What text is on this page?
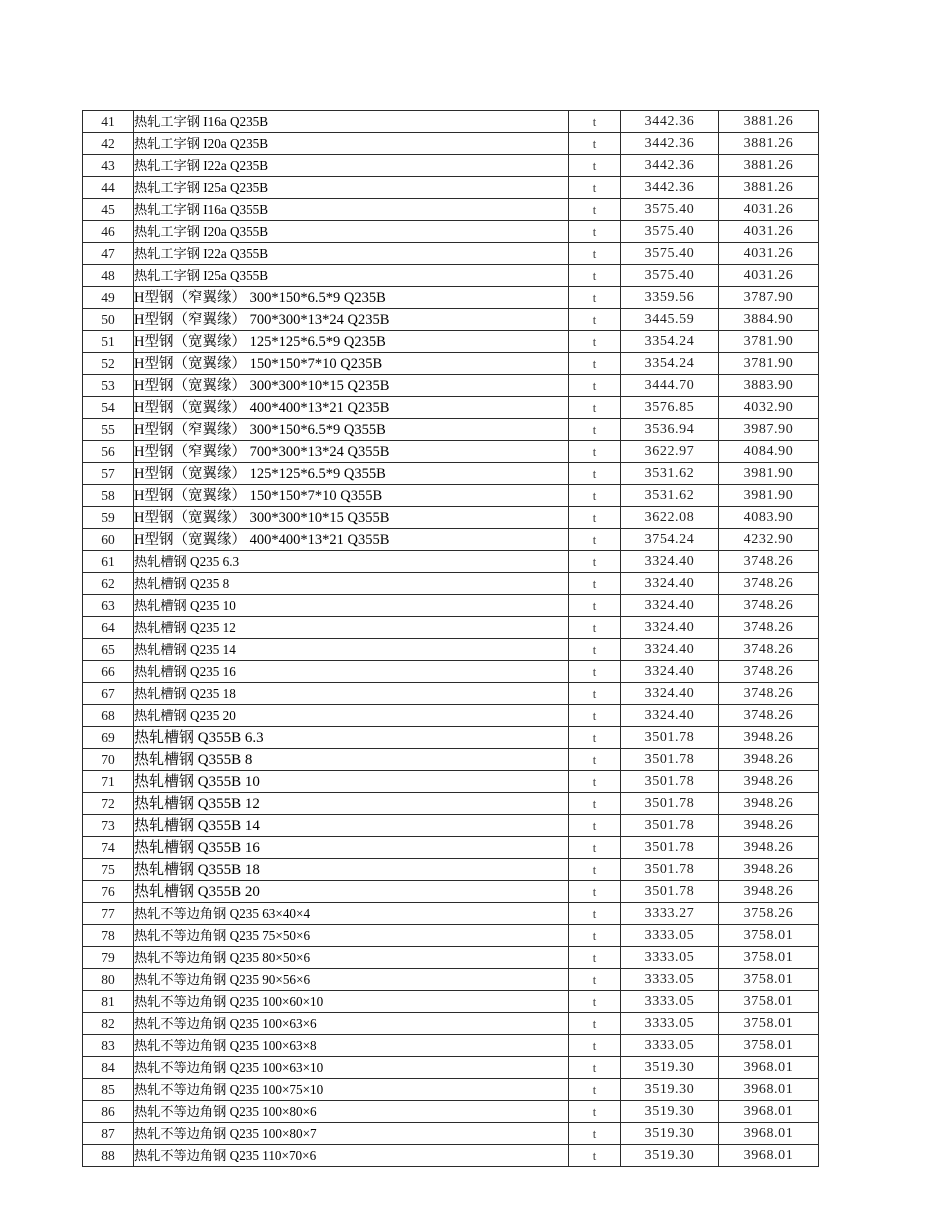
41	热轧工字钢 I16a Q235B	t	3442.36	3881.26
42	热轧工字钢 I20a Q235B	t	3442.36	3881.26
43	热轧工字钢 I22a Q235B	t	3442.36	3881.26
44	热轧工字钢 I25a Q235B	t	3442.36	3881.26
45	热轧工字钢 I16a Q355B	t	3575.40	4031.26
46	热轧工字钢 I20a Q355B	t	3575.40	4031.26
47	热轧工字钢 I22a Q355B	t	3575.40	4031.26
48	热轧工字钢 I25a Q355B	t	3575.40	4031.26
49	H型钢（窄翼缘） 300*150*6.5*9 Q235B	t	3359.56	3787.90
50	H型钢（窄翼缘） 700*300*13*24 Q235B	t	3445.59	3884.90
51	H型钢（宽翼缘） 125*125*6.5*9 Q235B	t	3354.24	3781.90
52	H型钢（宽翼缘） 150*150*7*10 Q235B	t	3354.24	3781.90
53	H型钢（宽翼缘） 300*300*10*15 Q235B	t	3444.70	3883.90
54	H型钢（宽翼缘） 400*400*13*21 Q235B	t	3576.85	4032.90
55	H型钢（窄翼缘） 300*150*6.5*9 Q355B	t	3536.94	3987.90
56	H型钢（窄翼缘） 700*300*13*24 Q355B	t	3622.97	4084.90
57	H型钢（宽翼缘） 125*125*6.5*9 Q355B	t	3531.62	3981.90
58	H型钢（宽翼缘） 150*150*7*10 Q355B	t	3531.62	3981.90
59	H型钢（宽翼缘） 300*300*10*15 Q355B	t	3622.08	4083.90
60	H型钢（宽翼缘） 400*400*13*21 Q355B	t	3754.24	4232.90
61	热轧槽钢 Q235 6.3	t	3324.40	3748.26
62	热轧槽钢 Q235 8	t	3324.40	3748.26
63	热轧槽钢 Q235 10	t	3324.40	3748.26
64	热轧槽钢 Q235 12	t	3324.40	3748.26
65	热轧槽钢 Q235 14	t	3324.40	3748.26
66	热轧槽钢 Q235 16	t	3324.40	3748.26
67	热轧槽钢 Q235 18	t	3324.40	3748.26
68	热轧槽钢 Q235 20	t	3324.40	3748.26
69	热轧槽钢 Q355B 6.3	t	3501.78	3948.26
70	热轧槽钢 Q355B 8	t	3501.78	3948.26
71	热轧槽钢 Q355B 10	t	3501.78	3948.26
72	热轧槽钢 Q355B 12	t	3501.78	3948.26
73	热轧槽钢 Q355B 14	t	3501.78	3948.26
74	热轧槽钢 Q355B 16	t	3501.78	3948.26
75	热轧槽钢 Q355B 18	t	3501.78	3948.26
76	热轧槽钢 Q355B 20	t	3501.78	3948.26
77	热轧不等边角钢 Q235 63×40×4	t	3333.27	3758.26
78	热轧不等边角钢 Q235 75×50×6	t	3333.05	3758.01
79	热轧不等边角钢 Q235 80×50×6	t	3333.05	3758.01
80	热轧不等边角钢 Q235 90×56×6	t	3333.05	3758.01
81	热轧不等边角钢 Q235 100×60×10	t	3333.05	3758.01
82	热轧不等边角钢 Q235 100×63×6	t	3333.05	3758.01
83	热轧不等边角钢 Q235 100×63×8	t	3333.05	3758.01
84	热轧不等边角钢 Q235 100×63×10	t	3519.30	3968.01
85	热轧不等边角钢 Q235 100×75×10	t	3519.30	3968.01
86	热轧不等边角钢 Q235 100×80×6	t	3519.30	3968.01
87	热轧不等边角钢 Q235 100×80×7	t	3519.30	3968.01
88	热轧不等边角钢 Q235 110×70×6	t	3519.30	3968.01
